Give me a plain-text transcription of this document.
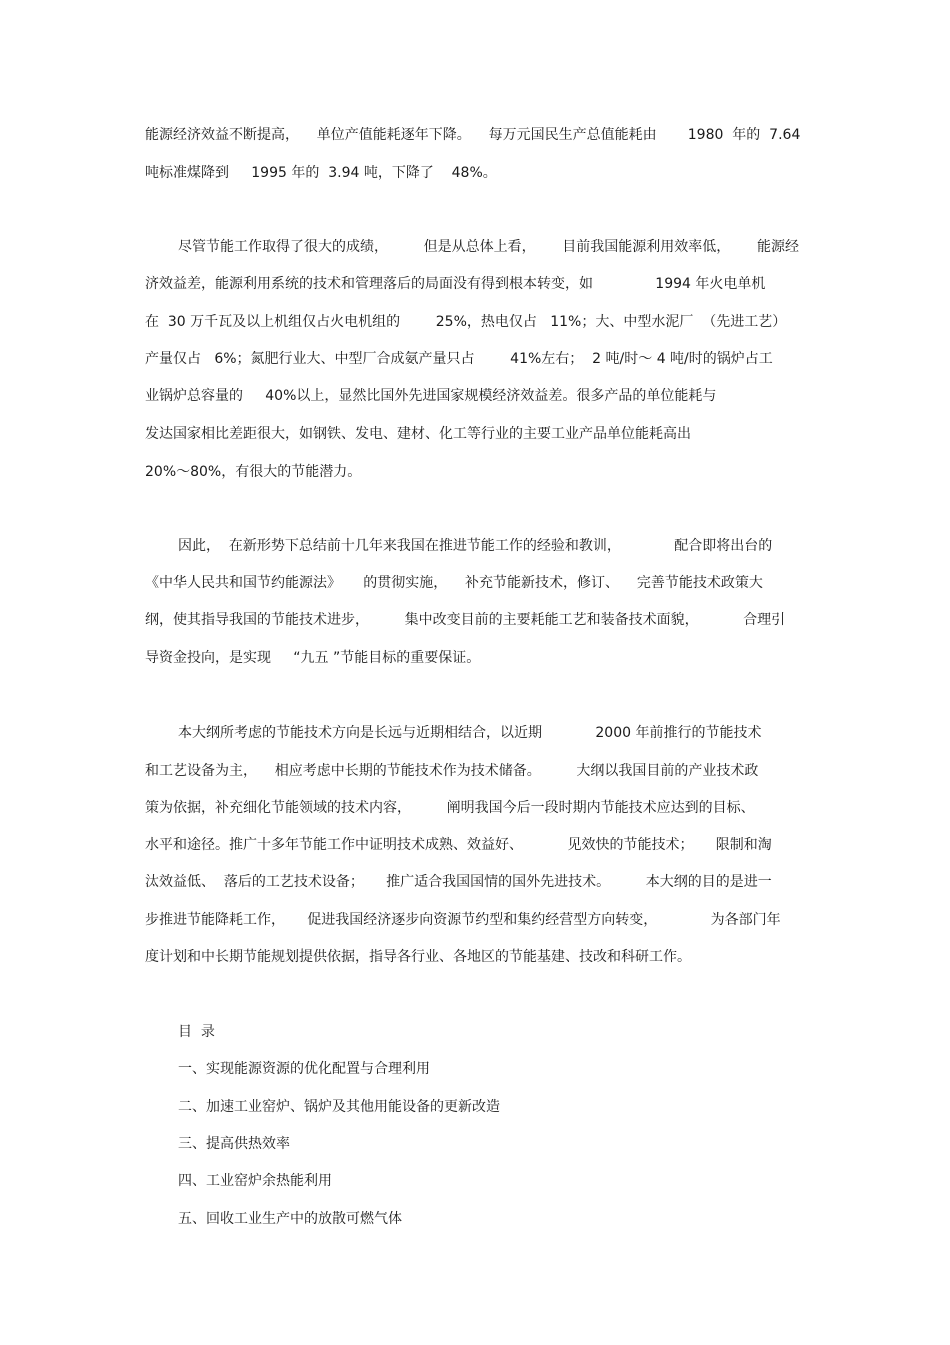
能源经济效益不断提高，    单位产值能耗逐年下降。    每万元国民生产总值能耗由       1980  年的  7.64
吨标准煤降到     1995 年的  3.94 吨，下降了    48%。
尽管节能工作取得了很大的成绩，        但是从总体上看，      目前我国能源利用效率低，      能源经
济效益差，能源利用系统的技术和管理落后的局面没有得到根本转变，如              1994 年火电单机
在  30 万千瓦及以上机组仅占火电机组的        25%，热电仅占   11%；大、中型水泥厂  （先进工艺）
产量仅占   6%；氮肥行业大、中型厂合成氨产量只占        41%左右；  2 吨/时～ 4 吨/时的锅炉占工
业锅炉总容量的     40%以上，显然比国外先进国家规模经济效益差。很多产品的单位能耗与
发达国家相比差距很大，如钢铁、发电、建材、化工等行业的主要工业产品单位能耗高出
20%～80%，有很大的节能潜力。
因此，  在新形势下总结前十几年来我国在推进节能工作的经验和教训，            配合即将出台的
《中华人民共和国节约能源法》     的贯彻实施，    补充节能新技术，修订、    完善节能技术政策大
纲，使其指导我国的节能技术进步，        集中改变目前的主要耗能工艺和装备技术面貌，          合理引
导资金投向，是实现     “九五 ”节能目标的重要保证。
本大纲所考虑的节能技术方向是长远与近期相结合，以近期            2000 年前推行的节能技术
和工艺设备为主，    相应考虑中长期的节能技术作为技术储备。        大纲以我国目前的产业技术政
策为依据，补充细化节能领域的技术内容，        阐明我国今后一段时期内节能技术应达到的目标、
水平和途径。推广十多年节能工作中证明技术成熟、效益好、          见效快的节能技术；     限制和淘
汰效益低、  落后的工艺技术设备；     推广适合我国国情的国外先进技术。        本大纲的目的是进一
步推进节能降耗工作，     促进我国经济逐步向资源节约型和集约经营型方向转变，            为各部门年
度计划和中长期节能规划提供依据，指导各行业、各地区的节能基建、技改和科研工作。
目  录
一、实现能源资源的优化配置与合理利用
二、加速工业窑炉、锅炉及其他用能设备的更新改造
三、提高供热效率
四、工业窑炉余热能利用
五、回收工业生产中的放散可燃气体
